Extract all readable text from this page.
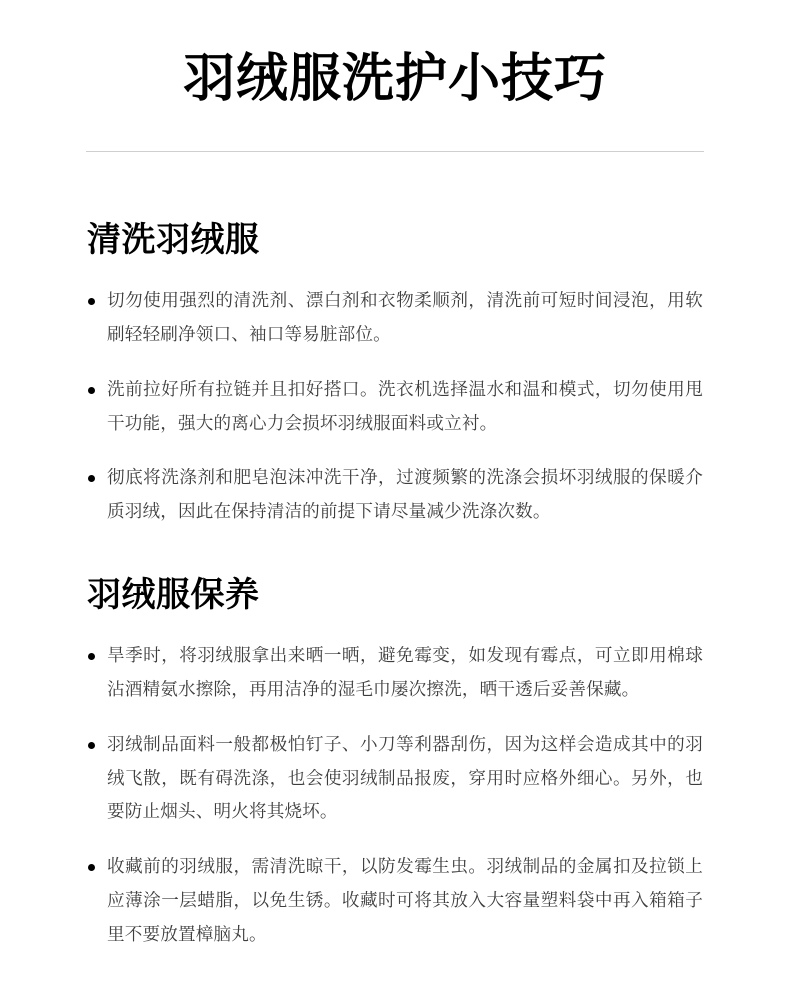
羽绒服洗护小技巧
清洗羽绒服
切勿使用强烈的清洗剂、漂白剂和衣物柔顺剂，清洗前可短时间浸泡，用软刷轻轻刷净领口、袖口等易脏部位。
洗前拉好所有拉链并且扣好搭口。洗衣机选择温水和温和模式，切勿使用甩干功能，强大的离心力会损坏羽绒服面料或立衬。
彻底将洗涤剂和肥皂泡沫冲洗干净，过渡频繁的洗涤会损坏羽绒服的保暖介质羽绒，因此在保持清洁的前提下请尽量减少洗涤次数。
羽绒服保养
旱季时，将羽绒服拿出来晒一晒，避免霉变，如发现有霉点，可立即用棉球沾酒精氨水擦除，再用洁净的湿毛巾屡次擦洗，晒干透后妥善保藏。
羽绒制品面料一般都极怕钉子、小刀等利器刮伤，因为这样会造成其中的羽绒飞散，既有碍洗涤，也会使羽绒制品报废，穿用时应格外细心。另外，也要防止烟头、明火将其烧坏。
收藏前的羽绒服，需清洗晾干，以防发霉生虫。羽绒制品的金属扣及拉锁上应薄涂一层蜡脂，以免生锈。收藏时可将其放入大容量塑料袋中再入箱箱子里不要放置樟脑丸。
